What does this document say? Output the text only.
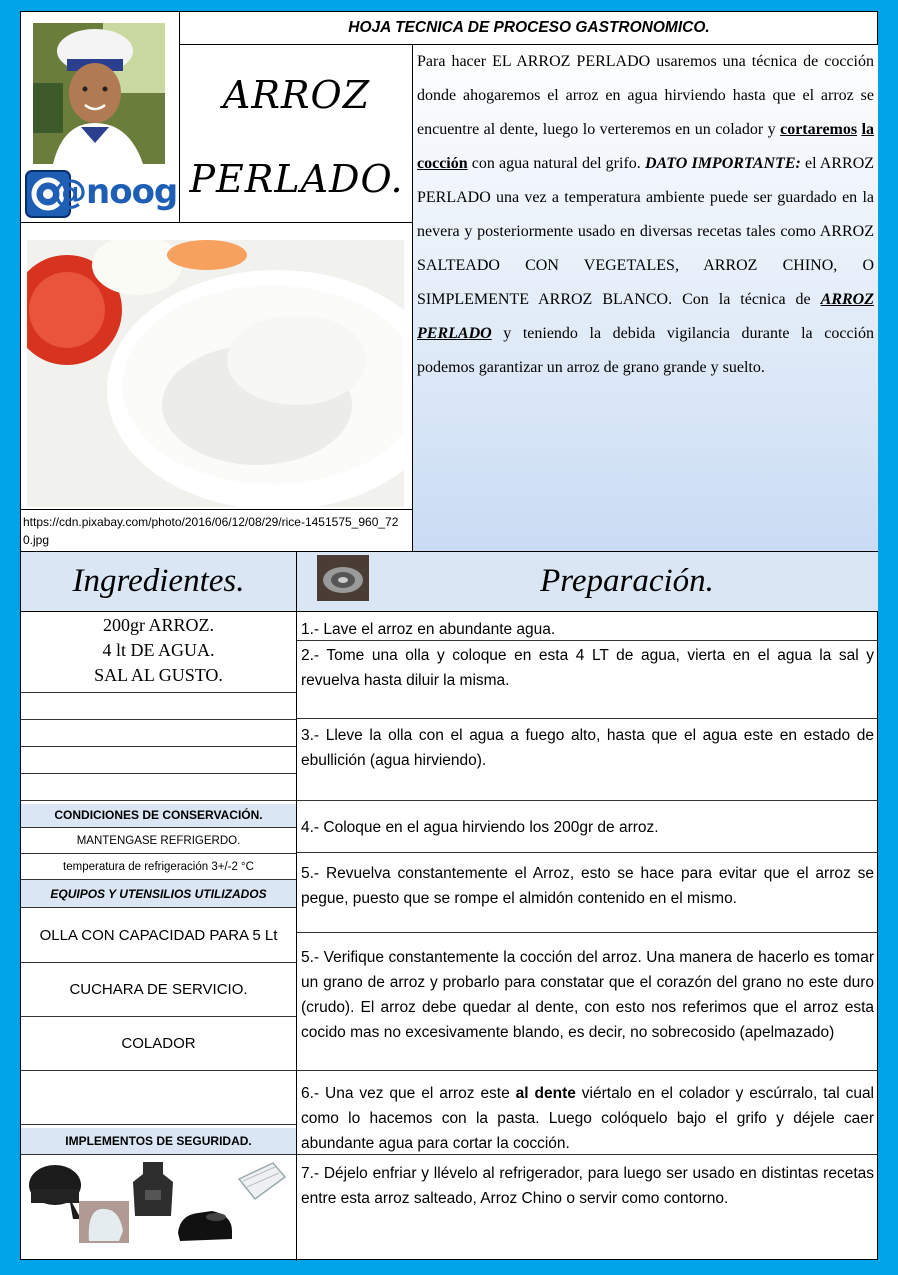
@noog
HOJA TECNICA DE PROCESO GASTRONOMICO.
ARROZ
PERLADO.
Para hacer EL ARROZ PERLADO usaremos una técnica de cocción donde ahogaremos el arroz en agua hirviendo hasta que el arroz se encuentre al dente, luego lo verteremos en un colador y cortaremos la cocción con agua natural del grifo. DATO IMPORTANTE: el ARROZ PERLADO una vez a temperatura ambiente puede ser guardado en la nevera y posteriormente usado en diversas recetas tales como ARROZ SALTEADO CON VEGETALES, ARROZ CHINO, O SIMPLEMENTE ARROZ BLANCO. Con la técnica de ARROZ PERLADO y teniendo la debida vigilancia durante la cocción podemos garantizar un arroz de grano grande y suelto.
https://cdn.pixabay.com/photo/2016/06/12/08/29/rice-1451575_960_720.jpg
Ingredientes.	Preparación.
200gr ARROZ.
4 lt DE AGUA.
SAL AL GUSTO.
CONDICIONES DE CONSERVACIÓN.
MANTENGASE REFRIGERDO.
temperatura de refrigeración 3+/-2 °C
EQUIPOS Y UTENSILIOS UTILIZADOS
OLLA CON CAPACIDAD PARA 5 Lt
CUCHARA DE SERVICIO.
COLADOR
IMPLEMENTOS DE SEGURIDAD.
1.- Lave el arroz en abundante agua.
2.- Tome una olla y coloque en esta 4 LT de agua, vierta en el agua la sal y revuelva hasta diluir la misma.
3.- Lleve la olla con el agua a fuego alto, hasta que el agua este en estado de ebullición (agua hirviendo).
4.- Coloque en el agua hirviendo los 200gr de arroz.
5.- Revuelva constantemente el Arroz, esto se hace para evitar que el arroz se pegue, puesto que se rompe el almidón contenido en el mismo.
5.- Verifique constantemente la cocción del arroz. Una manera de hacerlo es tomar un grano de arroz y probarlo para constatar que el corazón del grano no este duro (crudo). El arroz debe quedar al dente, con esto nos referimos que el arroz esta cocido mas no excesivamente blando, es decir, no sobrecosido (apelmazado)
6.- Una vez que el arroz este al dente viértalo en el colador y escúrralo, tal cual como lo hacemos con la pasta. Luego colóquelo bajo el grifo y déjele caer abundante agua para cortar la cocción.
7.- Déjelo enfriar y llévelo al refrigerador, para luego ser usado en distintas recetas entre esta arroz salteado, Arroz Chino o servir como contorno.
